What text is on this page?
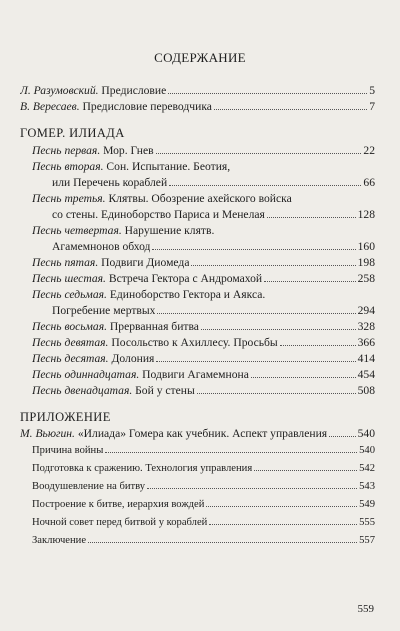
СОДЕРЖАНИЕ
Л. Разумовский. Предисловие	5
В. Вересаев. Предисловие переводчика	7
ГОМЕР. ИЛИАДА
Песнь первая. Мор. Гнев	22
Песнь вторая. Сон. Испытание. Беотия,
или Перечень кораблей	66
Песнь третья. Клятвы. Обозрение ахейского войска
со стены. Единоборство Париса и Менелая	128
Песнь четвертая. Нарушение клятв.
Агамемнонов обход	160
Песнь пятая. Подвиги Диомеда	198
Песнь шестая. Встреча Гектора с Андромахой	258
Песнь седьмая. Единоборство Гектора и Аякса.
Погребение мертвых	294
Песнь восьмая. Прерванная битва	328
Песнь девятая. Посольство к Ахиллесу. Просьбы	366
Песнь десятая. Долония	414
Песнь одиннадцатая. Подвиги Агамемнона	454
Песнь двенадцатая. Бой у стены	508
ПРИЛОЖЕНИЕ
М. Вьюгин. «Илиада» Гомера как учебник. Аспект управления	540
Причина войны	540
Подготовка к сражению. Технология управления	542
Воодушевление на битву	543
Построение к битве, иерархия вождей	549
Ночной совет перед битвой у кораблей	555
Заключение	557
559
